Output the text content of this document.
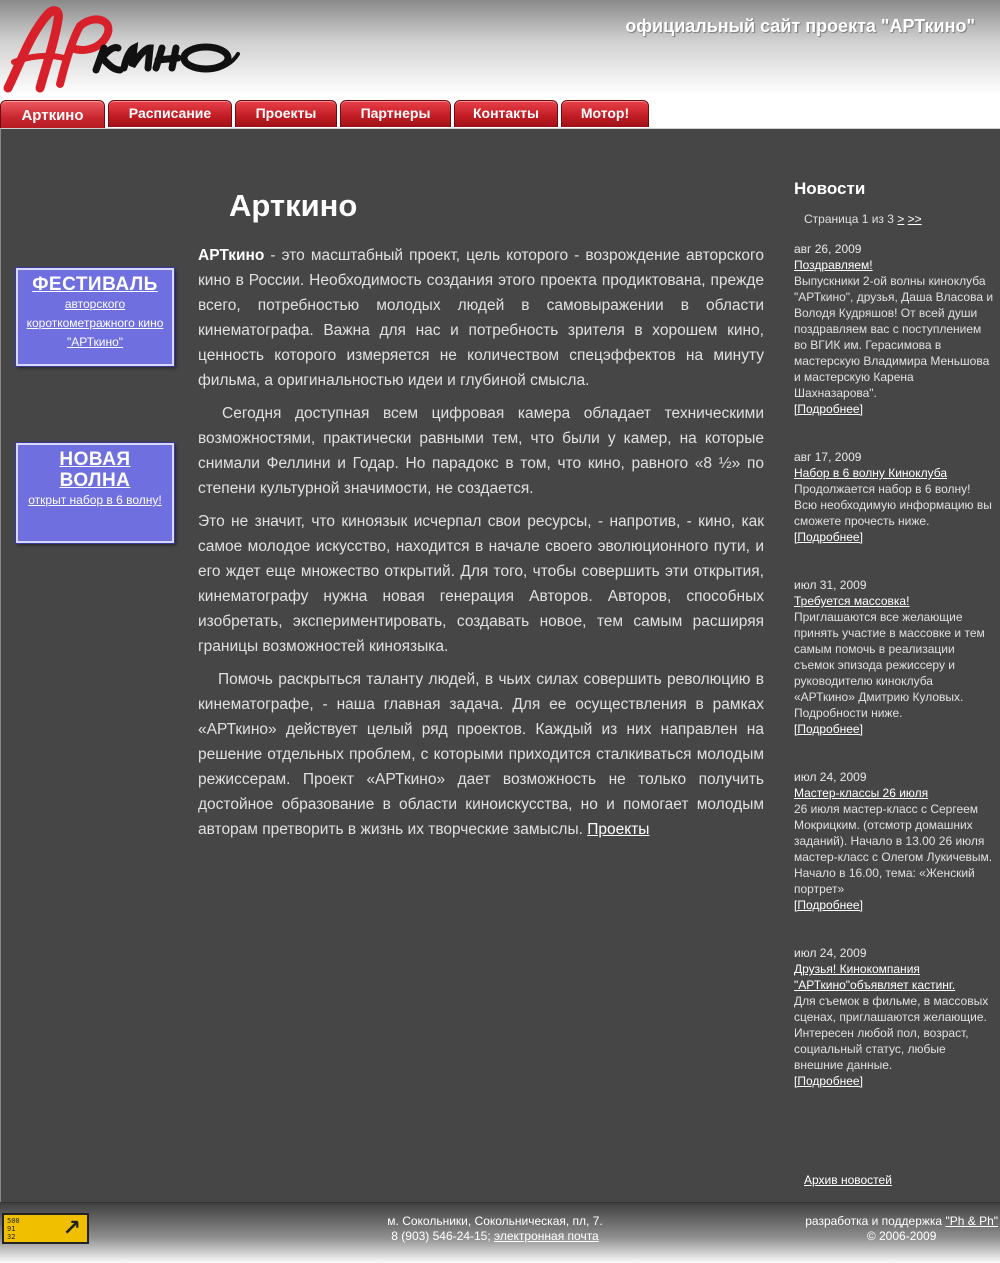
официальный сайт проекта "АРТкино"
Арткино	Расписание	Проекты	Партнеры	Контакты	Мотор!
ФЕСТИВАЛЬ
авторского короткометражного кино "АРТкино"
НОВАЯ
ВОЛНА
открыт набор в 6 волну!
Арткино

АРТкино - это масштабный проект, цель которого - возрождение авторского кино в России. Необходимость создания этого проекта продиктована, прежде всего, потребностью молодых людей в самовыражении в области кинематографа. Важна для нас и потребность зрителя в хорошем кино, ценность которого измеряется не количеством спецэффектов на минуту фильма, а оригинальностью идеи и глубиной смысла.

Сегодня доступная всем цифровая камера обладает техническими возможностями, практически равными тем, что были у камер, на которые снимали Феллини и Годар. Но парадокс в том, что кино, равного «8 ½» по степени культурной значимости, не создается.

Это не значит, что киноязык исчерпал свои ресурсы, - напротив, - кино, как самое молодое искусство, находится в начале своего эволюционного пути, и его ждет еще множество открытий. Для того, чтобы совершить эти открытия, кинематографу нужна новая генерация Авторов. Авторов, способных изобретать, экспериментировать, создавать новое, тем самым расширяя границы возможностей киноязыка.

Помочь раскрыться таланту людей, в чьих силах совершить революцию в кинематографе, - наша главная задача. Для ее осуществления в рамках «АРТкино» действует целый ряд проектов. Каждый из них направлен на решение отдельных проблем, с которыми приходится сталкиваться молодым режиссерам. Проект «АРТкино» дает возможность не только получить достойное образование в области киноискусства, но и помогает молодым авторам претворить в жизнь их творческие замыслы. Проекты

Новости
Страница 1 из 3 > >>
авг 26, 2009
Поздравляем!
Выпускники 2-ой волны киноклуба "АРТкино", друзья, Даша Власова и Володя Кудряшов! От всей души поздравляем вас с поступлением во ВГИК им. Герасимова в мастерскую Владимира Меньшова и мастерскую Карена Шахназарова".
[Подробнее]
авг 17, 2009
Набор в 6 волну Киноклуба
Продолжается набор в 6 волну! Всю необходимую информацию вы сможете прочесть ниже.
[Подробнее]
июл 31, 2009
Требуется массовка!
Приглашаются все желающие принять участие в массовке и тем самым помочь в реализации съемок эпизода режиссеру и руководителю киноклуба «АРТкино» Дмитрию Куловых. Подробности ниже.
[Подробнее]
июл 24, 2009
Мастер-классы 26 июля
26 июля мастер-класс с Сергеем Мокрицким. (отсмотр домашних заданий). Начало в 13.00 26 июля мастер-класс с Олегом Лукичевым. Начало в 16.00, тема: «Женский портрет»
[Подробнее]
июл 24, 2009
Друзья! Кинокомпания "АРТкино"объявляет кастинг.
Для съемок в фильме, в массовых сценах, приглашаются желающие. Интересен любой пол, возраст, социальный статус, любые внешние данные.
[Подробнее]
Архив новостей
500
91
32	↗	м. Сокольники, Сокольническая, пл, 7.
8 (903) 546-24-15; электронная почта
разработка и поддержка "Ph & Ph"
© 2006-2009
